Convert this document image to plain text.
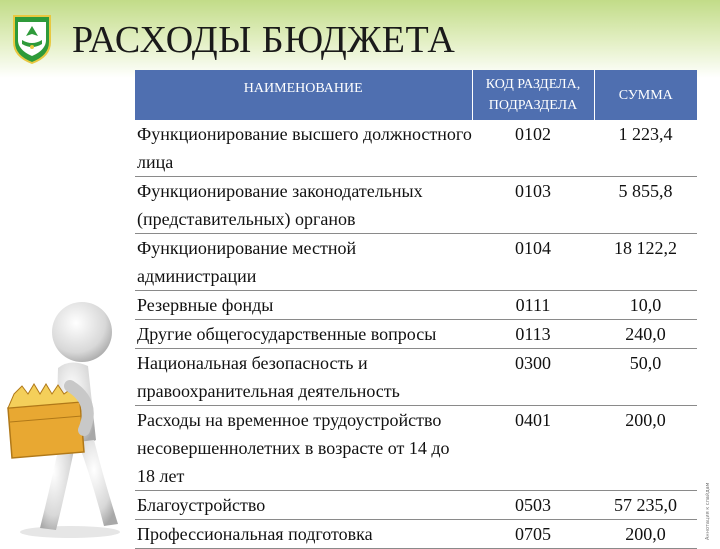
РАСХОДЫ БЮДЖЕТА
НАИМЕНОВАНИЕ	КОД РАЗДЕЛА, ПОДРАЗДЕЛА	СУММА
Функционирование высшего должностного лица	0102	1 223,4
Функционирование законодательных (представительных) органов	0103	5 855,8
Функционирование местной администрации	0104	18 122,2
Резервные фонды	0111	10,0
Другие общегосударственные вопросы	0113	240,0
Национальная безопасность и правоохранительная деятельность	0300	50,0
Расходы на временное трудоустройство несовершеннолетних в возрасте от 14 до 18 лет	0401	200,0
Благоустройство	0503	57 235,0
Профессиональная подготовка	0705	200,0	Аннотация к слайдам
